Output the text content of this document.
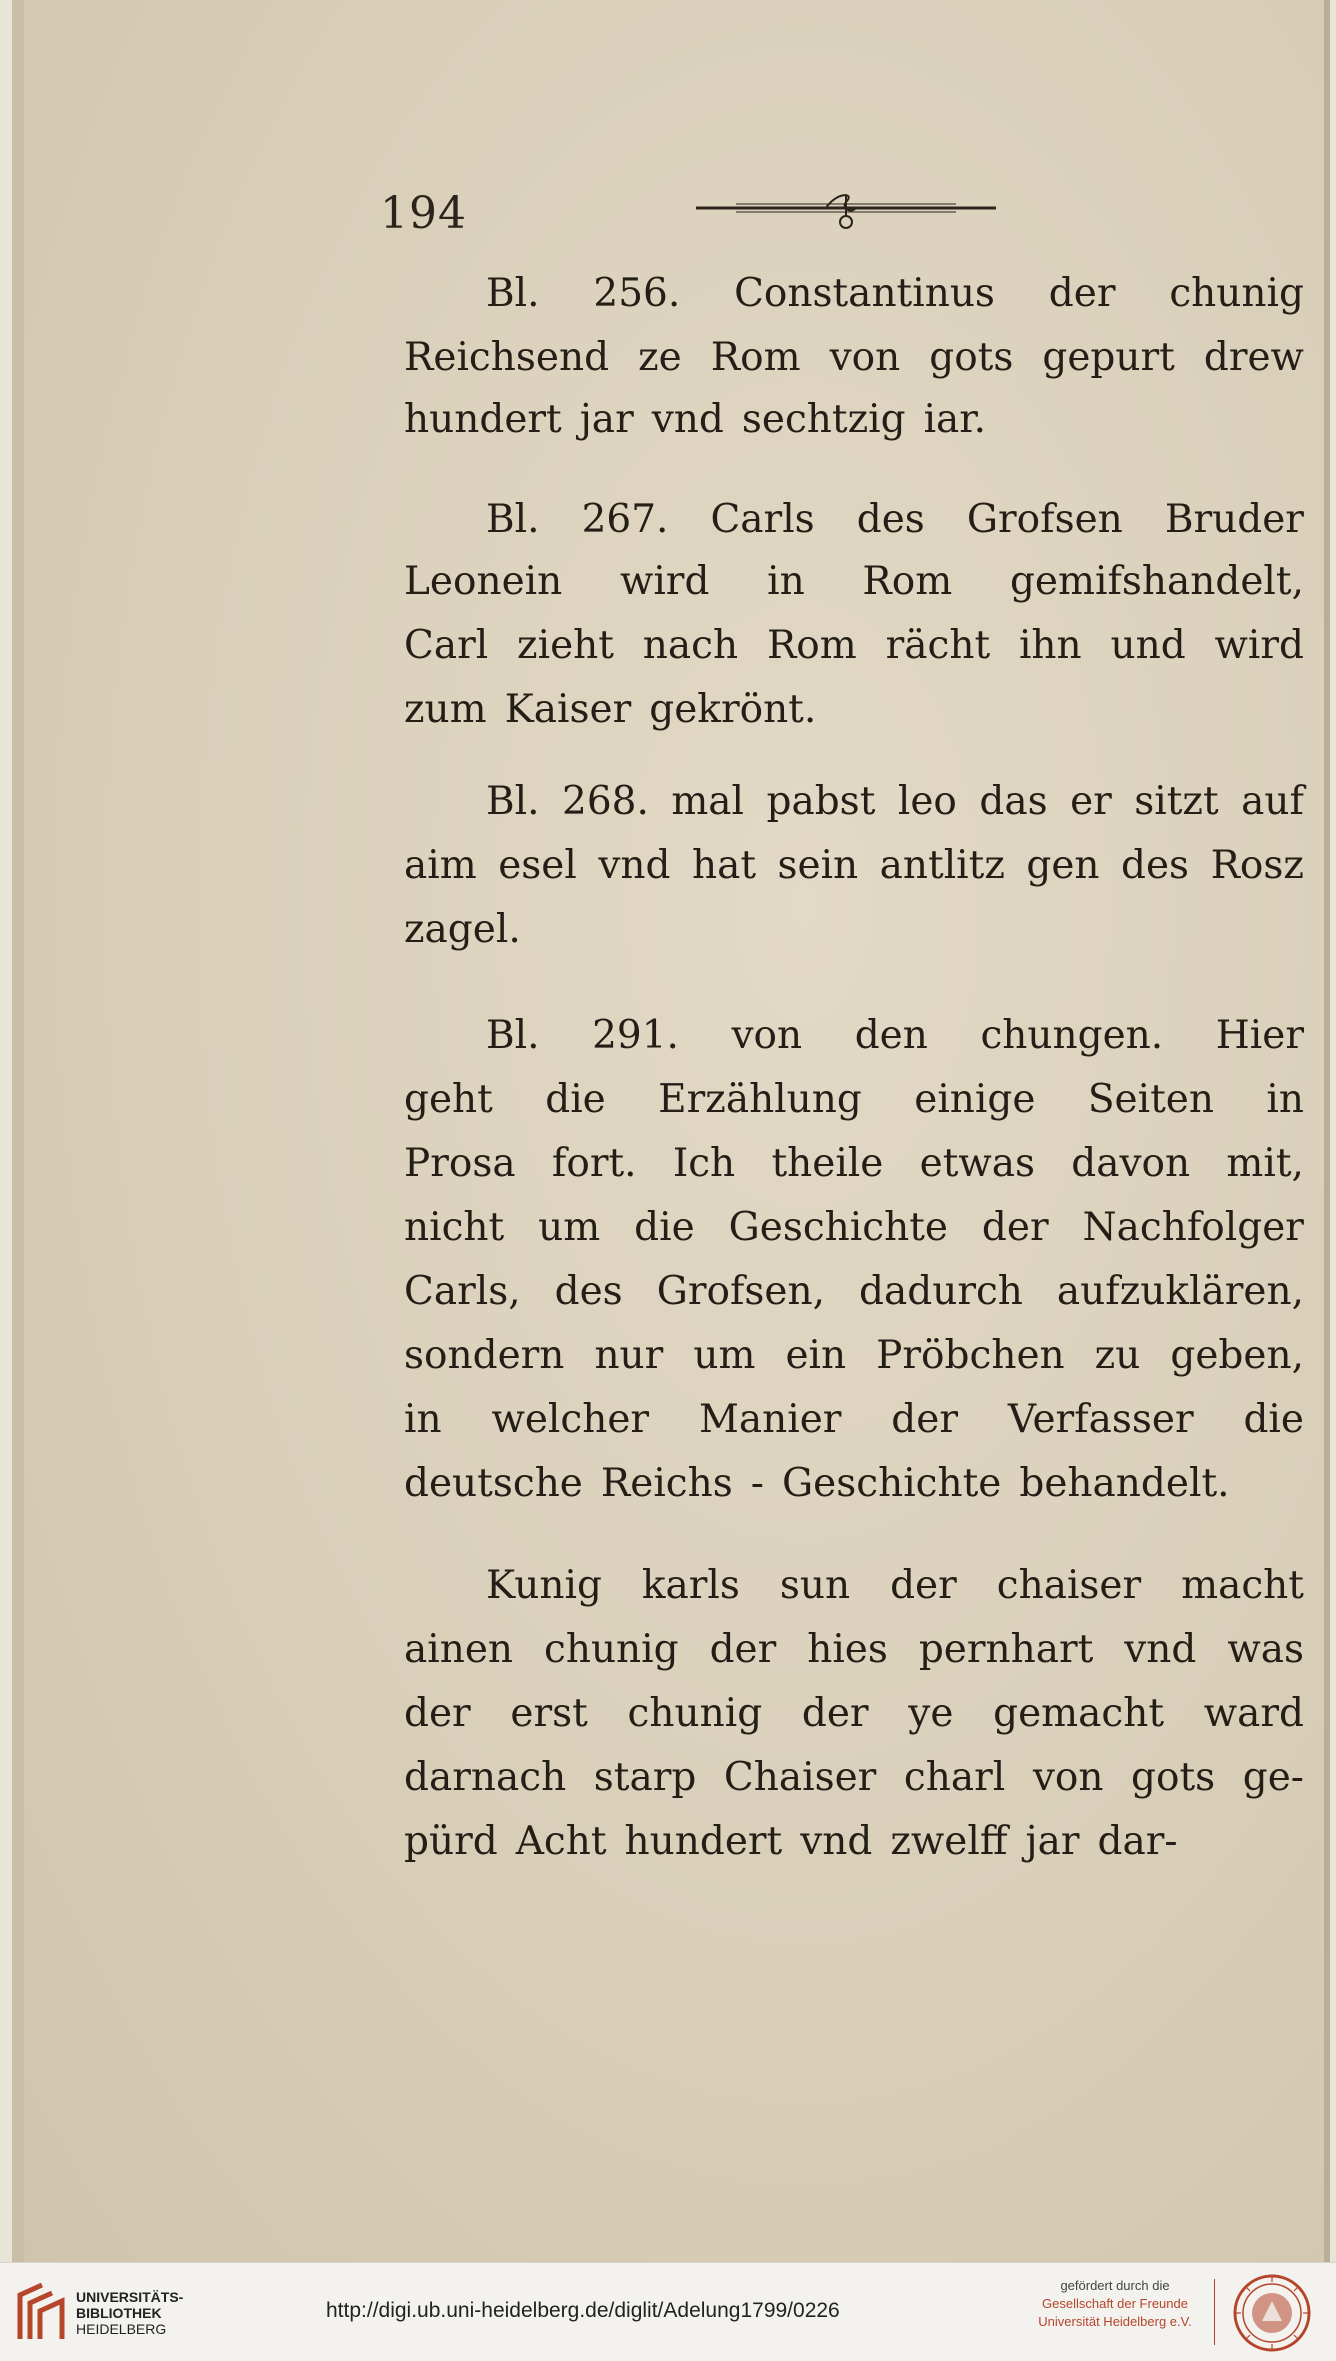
194
Bl. 256. Constantinus der chunig
Reichsend ze Rom von gots gepurt drew
hundert jar vnd sechtzig iar.
Bl. 267. Carls des Grofsen Bruder
Leonein wird in Rom gemifshandelt,
Carl zieht nach Rom rächt ihn und wird
zum Kaiser gekrönt.
Bl. 268. mal pabst leo das er sitzt auf
aim esel vnd hat sein antlitz gen des Rosz
zagel.
Bl. 291. von den chungen. Hier
geht die Erzählung einige Seiten in
Prosa fort. Ich theile etwas davon mit,
nicht um die Geschichte der Nachfolger
Carls, des Grofsen, dadurch aufzuklären,
sondern nur um ein Pröbchen zu geben,
in welcher Manier der Verfasser die
deutsche Reichs - Geschichte behandelt.
Kunig karls sun der chaiser macht
ainen chunig der hies pernhart vnd was
der erst chunig der ye gemacht ward
darnach starp Chaiser charl von gots ge-
pürd Acht hundert vnd zwelff jar dar-
UNIVERSITÄTS-
BIBLIOTHEK
HEIDELBERG
http://digi.ub.uni-heidelberg.de/diglit/Adelung1799/0226
gefördert durch die
Gesellschaft der Freunde
Universität Heidelberg e.V.
